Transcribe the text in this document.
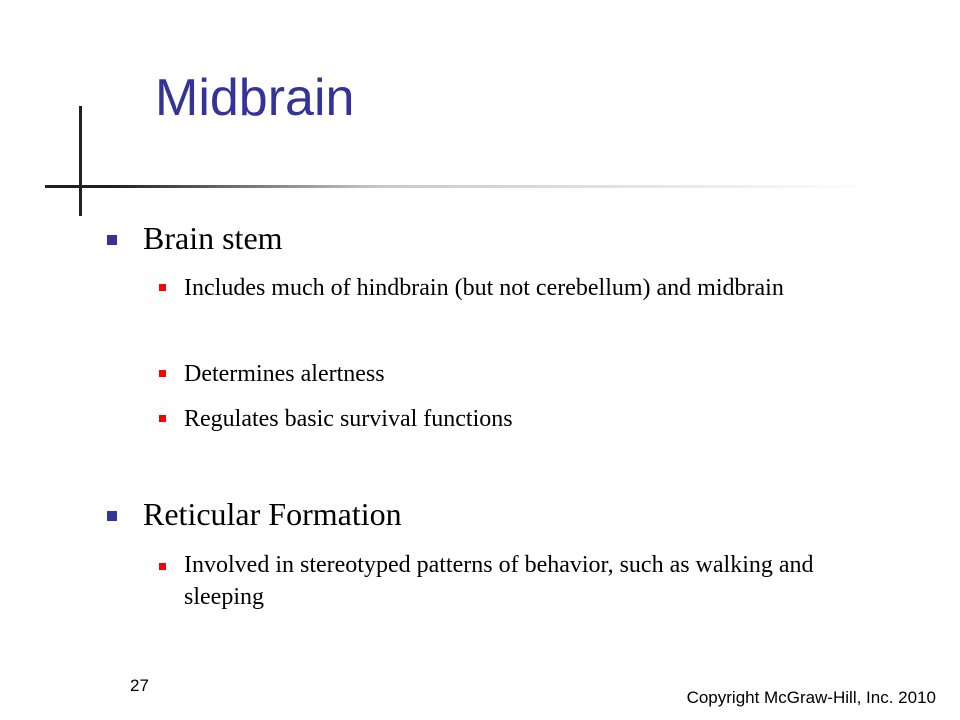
Midbrain
Brain stem
Includes much of hindbrain (but not cerebellum) and midbrain
Determines alertness
Regulates basic survival functions
Reticular Formation
Involved in stereotyped patterns of behavior, such as walking and sleeping
27
Copyright McGraw-Hill, Inc. 2010
